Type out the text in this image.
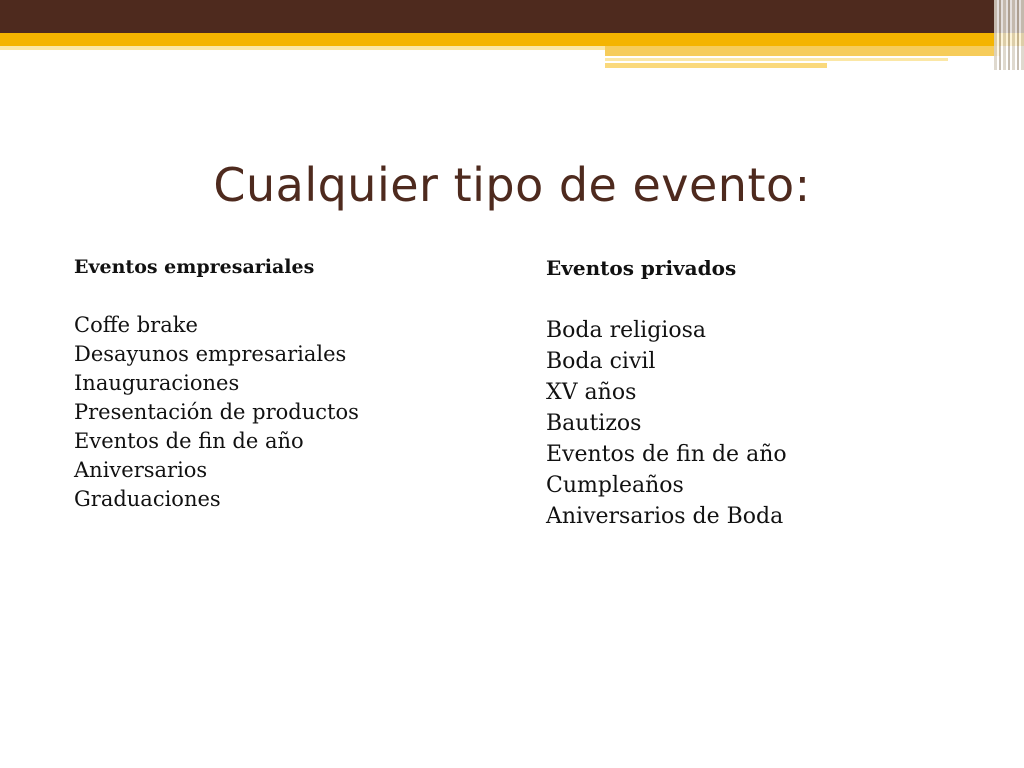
Cualquier tipo de evento:
Eventos empresariales
Coffe brake
Desayunos empresariales
Inauguraciones
Presentación de productos
Eventos de fin de año
Aniversarios
Graduaciones
Eventos privados
Boda religiosa
Boda civil
XV años
Bautizos
Eventos de fin de año
Cumpleaños
Aniversarios de Boda
